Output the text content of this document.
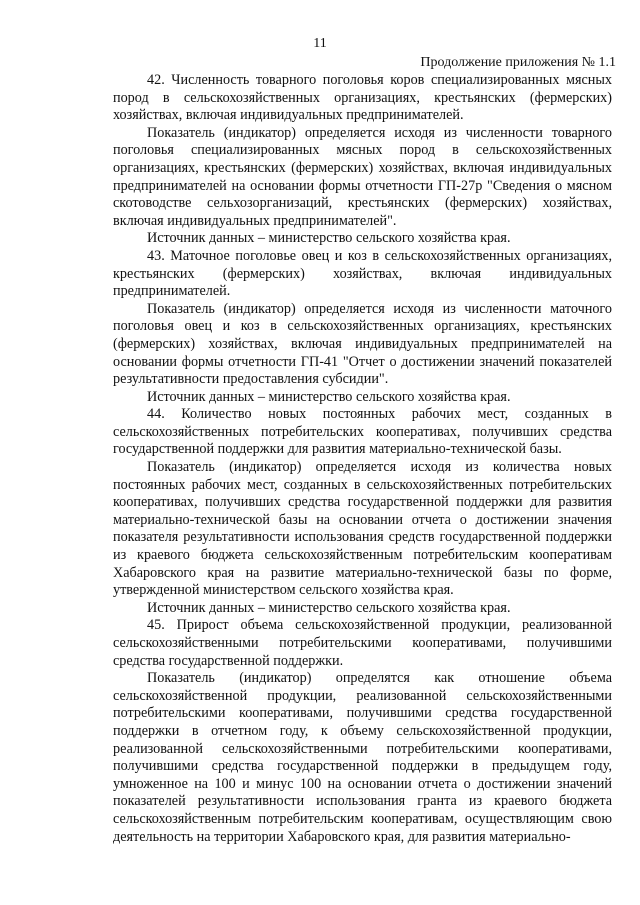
11
Продолжение приложения № 1.1

42. Численность товарного поголовья коров специализированных мясных пород в сельскохозяйственных организациях, крестьянских (фермерских) хозяйствах, включая индивидуальных предпринимателей.

Показатель (индикатор) определяется исходя из численности товарного поголовья специализированных мясных пород в сельскохозяйственных организациях, крестьянских (фермерских) хозяйствах, включая индивидуальных предпринимателей на основании формы отчетности ГП-27р "Сведения о мясном скотоводстве сельхозорганизаций, крестьянских (фермерских) хозяйствах, включая индивидуальных предпринимателей".

Источник данных – министерство сельского хозяйства края.

43. Маточное поголовье овец и коз в сельскохозяйственных организациях, крестьянских (фермерских) хозяйствах, включая индивидуальных предпринимателей.

Показатель (индикатор) определяется исходя из численности маточного поголовья овец и коз в сельскохозяйственных организациях, крестьянских (фермерских) хозяйствах, включая индивидуальных предпринимателей на основании формы отчетности ГП-41 "Отчет о достижении значений показателей результативности предоставления субсидии".

Источник данных – министерство сельского хозяйства края.

44. Количество новых постоянных рабочих мест, созданных в сельскохозяйственных потребительских кооперативах, получивших средства государственной поддержки для развития материально-технической базы.

Показатель (индикатор) определяется исходя из количества новых постоянных рабочих мест, созданных в сельскохозяйственных потребительских кооперативах, получивших средства государственной поддержки для развития материально-технической базы на основании отчета о достижении значения показателя результативности использования средств государственной поддержки из краевого бюджета сельскохозяйственным потребительским кооперативам Хабаровского края на развитие материально-технической базы по форме, утвержденной министерством сельского хозяйства края.

Источник данных – министерство сельского хозяйства края.

45. Прирост объема сельскохозяйственной продукции, реализованной сельскохозяйственными потребительскими кооперативами, получившими средства государственной поддержки.

Показатель (индикатор) определятся как отношение объема сельскохозяйственной продукции, реализованной сельскохозяйственными потребительскими кооперативами, получившими средства государственной поддержки в отчетном году, к объему сельскохозяйственной продукции, реализованной сельскохозяйственными потребительскими кооперативами, получившими средства государственной поддержки в предыдущем году, умноженное на 100 и минус 100 на основании отчета о достижении значений показателей результативности использования гранта из краевого бюджета сельскохозяйственным потребительским кооперативам, осуществляющим свою деятельность на территории Хабаровского края, для развития материально-
